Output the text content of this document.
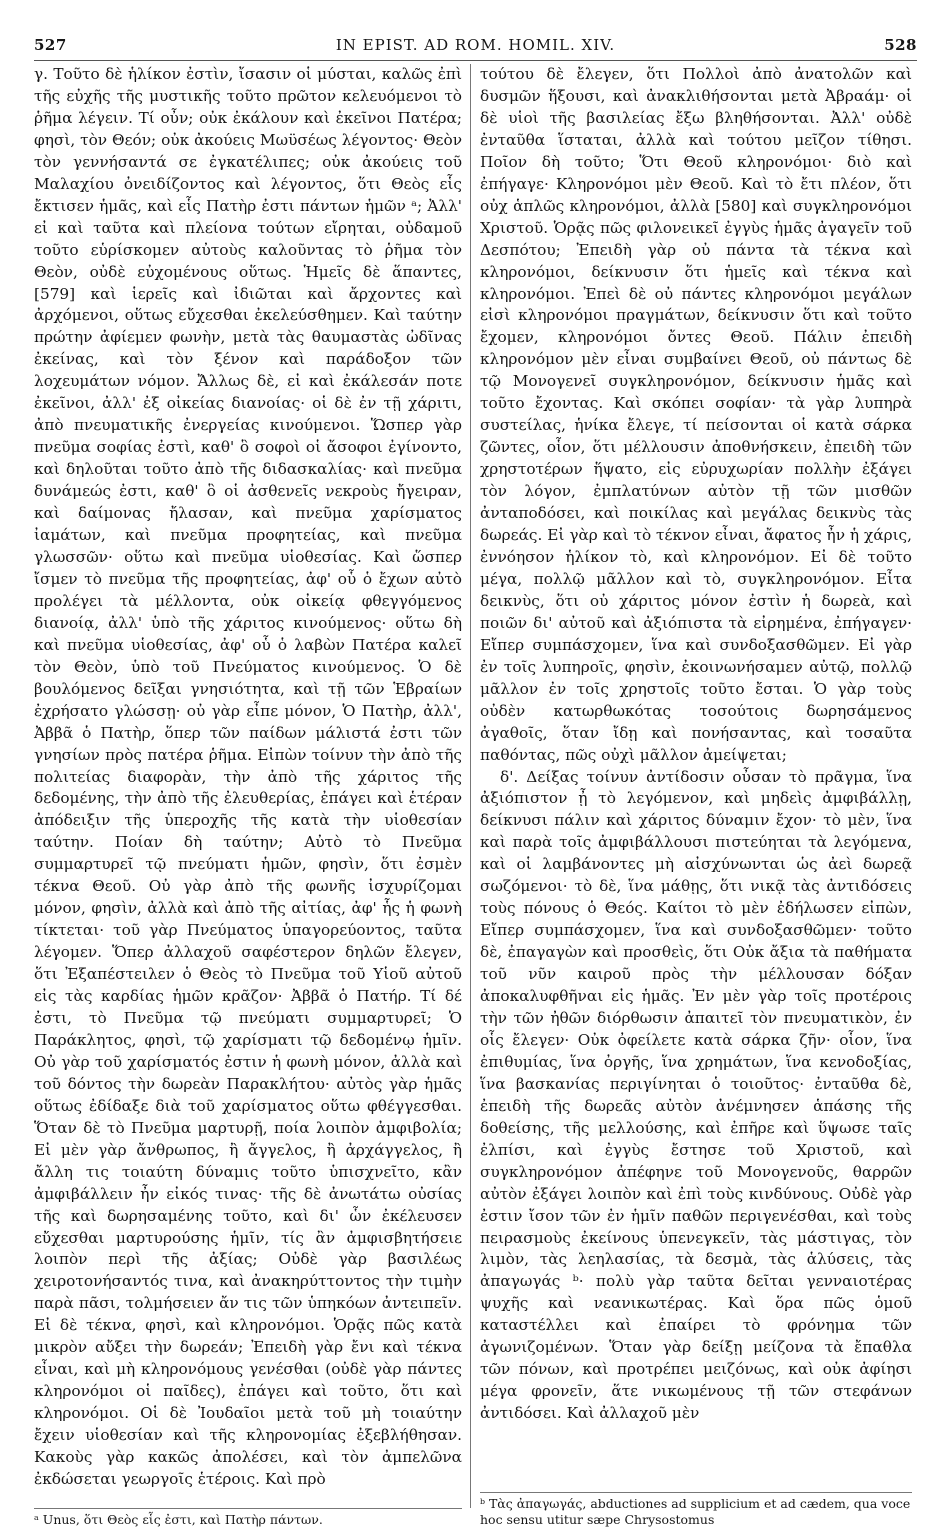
527	IN EPIST. AD ROM. HOMIL. XIV.	528

γ. Τοῦτο δὲ ἡλίκον ἐστὶν, ἴσασιν οἱ μύσται, καλῶς ἐπὶ τῆς εὐχῆς τῆς μυστικῆς τοῦτο πρῶτον κελευόμενοι τὸ ῥῆμα λέγειν. Τί οὖν; οὐκ ἐκάλουν καὶ ἐκεῖνοι Πατέρα; φησὶ, τὸν Θεόν; οὐκ ἀκούεις Μωϋσέως λέγοντος· Θεὸν τὸν γεννήσαντά σε ἐγκατέλιπες; οὐκ ἀκούεις τοῦ Μαλαχίου ὀνειδίζοντος καὶ λέγοντος, ὅτι Θεὸς εἷς ἔκτισεν ἡμᾶς, καὶ εἷς Πατὴρ ἐστι πάντων ἡμῶν ᵃ; Ἀλλ' εἰ καὶ ταῦτα καὶ πλείονα τούτων εἴρηται, οὐδαμοῦ τοῦτο εὑρίσκομεν αὐτοὺς καλοῦντας τὸ ῥῆμα τὸν Θεὸν, οὐδὲ εὐχομένους οὕτως. Ἡμεῖς δὲ ἅπαντες, [579] καὶ ἱερεῖς καὶ ἰδιῶται καὶ ἄρχοντες καὶ ἀρχόμενοι, οὕτως εὔχεσθαι ἐκελεύσθημεν. Καὶ ταύτην πρώτην ἀφίεμεν φωνὴν, μετὰ τὰς θαυμαστὰς ὠδῖνας ἐκείνας, καὶ τὸν ξένον καὶ παράδοξον τῶν λοχευμάτων νόμον. Ἄλλως δὲ, εἰ καὶ ἐκάλεσάν ποτε ἐκεῖνοι, ἀλλ' ἐξ οἰκείας διανοίας· οἱ δὲ ἐν τῇ χάριτι, ἀπὸ πνευματικῆς ἐνεργείας κινούμενοι. Ὥσπερ γὰρ πνεῦμα σοφίας ἐστὶ, καθ' ὃ σοφοὶ οἱ ἄσοφοι ἐγίνοντο, καὶ δηλοῦται τοῦτο ἀπὸ τῆς διδασκαλίας· καὶ πνεῦμα δυνάμεώς ἐστι, καθ' ὃ οἱ ἀσθενεῖς νεκροὺς ἤγειραν, καὶ δαίμονας ἤλασαν, καὶ πνεῦμα χαρίσματος ἰαμάτων, καὶ πνεῦμα προφητείας, καὶ πνεῦμα γλωσσῶν· οὕτω καὶ πνεῦμα υἱοθεσίας. Καὶ ὥσπερ ἴσμεν τὸ πνεῦμα τῆς προφητείας, ἀφ' οὗ ὁ ἔχων αὐτὸ προλέγει τὰ μέλλοντα, οὐκ οἰκείᾳ φθεγγόμενος διανοίᾳ, ἀλλ' ὑπὸ τῆς χάριτος κινούμενος· οὕτω δὴ καὶ πνεῦμα υἱοθεσίας, ἀφ' οὗ ὁ λαβὼν Πατέρα καλεῖ τὸν Θεὸν, ὑπὸ τοῦ Πνεύματος κινούμενος. Ὁ δὲ βουλόμενος δεῖξαι γνησιότητα, καὶ τῇ τῶν Ἑβραίων ἐχρήσατο γλώσσῃ· οὐ γὰρ εἶπε μόνον, Ὁ Πατὴρ, ἀλλ', Ἀββᾶ ὁ Πατὴρ, ὅπερ τῶν παίδων μάλιστά ἐστι τῶν γνησίων πρὸς πατέρα ῥῆμα. Εἰπὼν τοίνυν τὴν ἀπὸ τῆς πολιτείας διαφορὰν, τὴν ἀπὸ τῆς χάριτος τῆς δεδομένης, τὴν ἀπὸ τῆς ἐλευθερίας, ἐπάγει καὶ ἑτέραν ἀπόδειξιν τῆς ὑπεροχῆς τῆς κατὰ τὴν υἱοθεσίαν ταύτην. Ποίαν δὴ ταύτην; Αὐτὸ τὸ Πνεῦμα συμμαρτυρεῖ τῷ πνεύματι ἡμῶν, φησὶν, ὅτι ἐσμὲν τέκνα Θεοῦ. Οὐ γὰρ ἀπὸ τῆς φωνῆς ἰσχυρίζομαι μόνον, φησὶν, ἀλλὰ καὶ ἀπὸ τῆς αἰτίας, ἀφ' ἧς ἡ φωνὴ τίκτεται· τοῦ γὰρ Πνεύματος ὑπαγορεύοντος, ταῦτα λέγομεν. Ὅπερ ἀλλαχοῦ σαφέστερον δηλῶν ἔλεγεν, ὅτι Ἐξαπέστειλεν ὁ Θεὸς τὸ Πνεῦμα τοῦ Υἱοῦ αὐτοῦ εἰς τὰς καρδίας ἡμῶν κρᾶζον· Ἀββᾶ ὁ Πατήρ. Τί δέ ἐστι, τὸ Πνεῦμα τῷ πνεύματι συμμαρτυρεῖ; Ὁ Παράκλητος, φησὶ, τῷ χαρίσματι τῷ δεδομένῳ ἡμῖν. Οὐ γὰρ τοῦ χαρίσματός ἐστιν ἡ φωνὴ μόνον, ἀλλὰ καὶ τοῦ δόντος τὴν δωρεὰν Παρακλήτου· αὐτὸς γὰρ ἡμᾶς οὕτως ἐδίδαξε διὰ τοῦ χαρίσματος οὕτω φθέγγεσθαι. Ὅταν δὲ τὸ Πνεῦμα μαρτυρῇ, ποία λοιπὸν ἀμφιβολία; Εἰ μὲν γὰρ ἄνθρωπος, ἢ ἄγγελος, ἢ ἀρχάγγελος, ἢ ἄλλη τις τοιαύτη δύναμις τοῦτο ὑπισχνεῖτο, κἂν ἀμφιβάλλειν ἦν εἰκός τινας· τῆς δὲ ἀνωτάτω οὐσίας τῆς καὶ δωρησαμένης τοῦτο, καὶ δι' ὧν ἐκέλευσεν εὔχεσθαι μαρτυρούσης ἡμῖν, τίς ἂν ἀμφισβητήσειε λοιπὸν περὶ τῆς ἀξίας; Οὐδὲ γὰρ βασιλέως χειροτονήσαντός τινα, καὶ ἀνακηρύττοντος τὴν τιμὴν παρὰ πᾶσι, τολμήσειεν ἄν τις τῶν ὑπηκόων ἀντειπεῖν. Εἰ δὲ τέκνα, φησὶ, καὶ κληρονόμοι. Ὁρᾷς πῶς κατὰ μικρὸν αὔξει τὴν δωρεάν; Ἐπειδὴ γὰρ ἔνι καὶ τέκνα εἶναι, καὶ μὴ κληρονόμους γενέσθαι (οὐδὲ γὰρ πάντες κληρονόμοι οἱ παῖδες), ἐπάγει καὶ τοῦτο, ὅτι καὶ κληρονόμοι. Οἱ δὲ Ἰουδαῖοι μετὰ τοῦ μὴ τοιαύτην ἔχειν υἱοθεσίαν καὶ τῆς κληρονομίας ἐξεβλήθησαν. Κακοὺς γὰρ κακῶς ἀπολέσει, καὶ τὸν ἀμπελῶνα ἐκδώσεται γεωργοῖς ἑτέροις. Καὶ πρὸ

τούτου δὲ ἔλεγεν, ὅτι Πολλοὶ ἀπὸ ἀνατολῶν καὶ δυσμῶν ἥξουσι, καὶ ἀνακλιθήσονται μετὰ Ἀβραάμ· οἱ δὲ υἱοὶ τῆς βασιλείας ἔξω βληθήσονται. Ἀλλ' οὐδὲ ἐνταῦθα ἵσταται, ἀλλὰ καὶ τούτου μεῖζον τίθησι. Ποῖον δὴ τοῦτο; Ὅτι Θεοῦ κληρονόμοι· διὸ καὶ ἐπήγαγε· Κληρονόμοι μὲν Θεοῦ. Καὶ τὸ ἔτι πλέον, ὅτι οὐχ ἁπλῶς κληρονόμοι, ἀλλὰ [580] καὶ συγκληρονόμοι Χριστοῦ. Ὁρᾷς πῶς φιλονεικεῖ ἐγγὺς ἡμᾶς ἀγαγεῖν τοῦ Δεσπότου; Ἐπειδὴ γὰρ οὐ πάντα τὰ τέκνα καὶ κληρονόμοι, δείκνυσιν ὅτι ἡμεῖς καὶ τέκνα καὶ κληρονόμοι. Ἐπεὶ δὲ οὐ πάντες κληρονόμοι μεγάλων εἰσὶ κληρονόμοι πραγμάτων, δείκνυσιν ὅτι καὶ τοῦτο ἔχομεν, κληρονόμοι ὄντες Θεοῦ. Πάλιν ἐπειδὴ κληρονόμον μὲν εἶναι συμβαίνει Θεοῦ, οὐ πάντως δὲ τῷ Μονογενεῖ συγκληρονόμον, δείκνυσιν ἡμᾶς καὶ τοῦτο ἔχοντας. Καὶ σκόπει σοφίαν· τὰ γὰρ λυπηρὰ συστείλας, ἡνίκα ἔλεγε, τί πείσονται οἱ κατὰ σάρκα ζῶντες, οἷον, ὅτι μέλλουσιν ἀποθνήσκειν, ἐπειδὴ τῶν χρηστοτέρων ἥψατο, εἰς εὐρυχωρίαν πολλὴν ἐξάγει τὸν λόγον, ἐμπλατύνων αὐτὸν τῇ τῶν μισθῶν ἀνταποδόσει, καὶ ποικίλας καὶ μεγάλας δεικνὺς τὰς δωρεάς. Εἰ γὰρ καὶ τὸ τέκνον εἶναι, ἄφατος ἦν ἡ χάρις, ἐννόησον ἡλίκον τὸ, καὶ κληρονόμον. Εἰ δὲ τοῦτο μέγα, πολλῷ μᾶλλον καὶ τὸ, συγκληρονόμον. Εἶτα δεικνὺς, ὅτι οὐ χάριτος μόνον ἐστὶν ἡ δωρεὰ, καὶ ποιῶν δι' αὐτοῦ καὶ ἀξιόπιστα τὰ εἰρημένα, ἐπήγαγεν· Εἴπερ συμπάσχομεν, ἵνα καὶ συνδοξασθῶμεν. Εἰ γὰρ ἐν τοῖς λυπηροῖς, φησὶν, ἐκοινωνήσαμεν αὐτῷ, πολλῷ μᾶλλον ἐν τοῖς χρηστοῖς τοῦτο ἔσται. Ὁ γὰρ τοὺς οὐδὲν κατωρθωκότας τοσούτοις δωρησάμενος ἀγαθοῖς, ὅταν ἴδῃ καὶ πονήσαντας, καὶ τοσαῦτα παθόντας, πῶς οὐχὶ μᾶλλον ἀμείψεται;

δ'. Δείξας τοίνυν ἀντίδοσιν οὖσαν τὸ πρᾶγμα, ἵνα ἀξιόπιστον ᾖ τὸ λεγόμενον, καὶ μηδεὶς ἀμφιβάλλῃ, δείκνυσι πάλιν καὶ χάριτος δύναμιν ἔχον· τὸ μὲν, ἵνα καὶ παρὰ τοῖς ἀμφιβάλλουσι πιστεύηται τὰ λεγόμενα, καὶ οἱ λαμβάνοντες μὴ αἰσχύνωνται ὡς ἀεὶ δωρεᾷ σωζόμενοι· τὸ δὲ, ἵνα μάθῃς, ὅτι νικᾷ τὰς ἀντιδόσεις τοὺς πόνους ὁ Θεός. Καίτοι τὸ μὲν ἐδήλωσεν εἰπὼν, Εἴπερ συμπάσχομεν, ἵνα καὶ συνδοξασθῶμεν· τοῦτο δὲ, ἐπαγαγὼν καὶ προσθεὶς, ὅτι Οὐκ ἄξια τὰ παθήματα τοῦ νῦν καιροῦ πρὸς τὴν μέλλουσαν δόξαν ἀποκαλυφθῆναι εἰς ἡμᾶς. Ἐν μὲν γὰρ τοῖς προτέροις τὴν τῶν ἠθῶν διόρθωσιν ἀπαιτεῖ τὸν πνευματικὸν, ἐν οἷς ἔλεγεν· Οὐκ ὀφείλετε κατὰ σάρκα ζῆν· οἷον, ἵνα ἐπιθυμίας, ἵνα ὀργῆς, ἵνα χρημάτων, ἵνα κενοδοξίας, ἵνα βασκανίας περιγίνηται ὁ τοιοῦτος· ἐνταῦθα δὲ, ἐπειδὴ τῆς δωρεᾶς αὐτὸν ἀνέμνησεν ἁπάσης τῆς δοθείσης, τῆς μελλούσης, καὶ ἐπῆρε καὶ ὕψωσε ταῖς ἐλπίσι, καὶ ἐγγὺς ἔστησε τοῦ Χριστοῦ, καὶ συγκληρονόμον ἀπέφηνε τοῦ Μονογενοῦς, θαρρῶν αὐτὸν ἐξάγει λοιπὸν καὶ ἐπὶ τοὺς κινδύνους. Οὐδὲ γὰρ ἐστιν ἴσον τῶν ἐν ἡμῖν παθῶν περιγενέσθαι, καὶ τοὺς πειρασμοὺς ἐκείνους ὑπενεγκεῖν, τὰς μάστιγας, τὸν λιμὸν, τὰς λεηλασίας, τὰ δεσμὰ, τὰς ἁλύσεις, τὰς ἀπαγωγάς ᵇ· πολὺ γὰρ ταῦτα δεῖται γενναιοτέρας ψυχῆς καὶ νεανικωτέρας. Καὶ ὅρα πῶς ὁμοῦ καταστέλλει καὶ ἐπαίρει τὸ φρόνημα τῶν ἀγωνιζομένων. Ὅταν γὰρ δείξῃ μείζονα τὰ ἔπαθλα τῶν πόνων, καὶ προτρέπει μειζόνως, καὶ οὐκ ἀφίησι μέγα φρονεῖν, ἅτε νικωμένους τῇ τῶν στεφάνων ἀντιδόσει. Καὶ ἀλλαχοῦ μὲν

ᵃ Unus, ὅτι Θεὸς εἷς ἐστι, καὶ Πατὴρ πάντων.
ᵇ Τὰς ἀπαγωγάς, abductiones ad supplicium et ad cædem, qua voce hoc sensu utitur sæpe Chrysostomus
